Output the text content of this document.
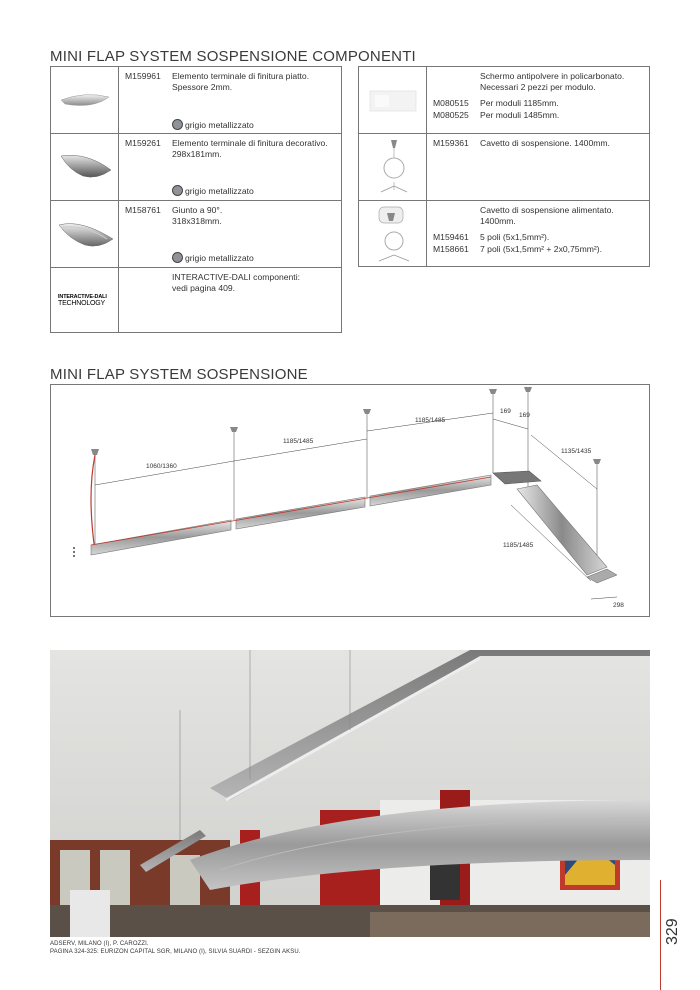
MINI FLAP SYSTEM SOSPENSIONE COMPONENTI
M159961 Elemento terminale di finitura piatto.
Spessore 2mm.
grigio metallizzato
M159261 Elemento terminale di finitura decorativo.
298x181mm.
grigio metallizzato
M158761 Giunto a 90°.
318x318mm.
grigio metallizzato
INTERACTIVE-DALI
TECHNOLOGY
INTERACTIVE-DALI componenti:
vedi pagina 409.
Schermo antipolvere in policarbonato.
Necessari 2 pezzi per modulo.
M080515 Per moduli 1185mm.
M080525 Per moduli 1485mm.
M159361 Cavetto di sospensione. 1400mm.
Cavetto di sospensione alimentato.
1400mm.
M159461 5 poli (5x1,5mm²).
M158661 7 poli (5x1,5mm² + 2x0,75mm²).
MINI FLAP SYSTEM SOSPENSIONE
1060/1360
1185/1485
1185/1485
169
169
1135/1435
1185/1485
298
ADSERV, MILANO (I), P. CAROZZI.
PAGINA 324-325: EURIZON CAPITAL SGR, MILANO (I), SILVIA SUARDI - SEZGIN AKSU.
329
